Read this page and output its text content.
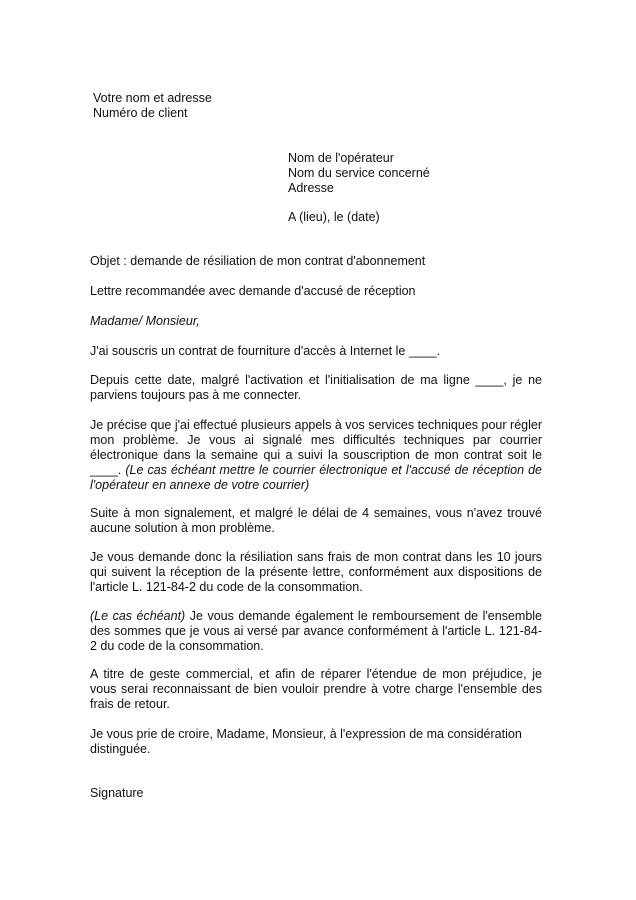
Votre nom et adresse
Numéro de client
Nom de l'opérateur
Nom du service concerné
Adresse
A (lieu), le (date)
Objet : demande de résiliation de mon contrat d'abonnement
Lettre recommandée avec demande d'accusé de réception
Madame/ Monsieur,
J'ai souscris un contrat de fourniture d'accès à Internet le ____.
Depuis cette date, malgré l'activation et l'initialisation de ma ligne ____, je ne parviens toujours pas à me connecter.
Je précise que j'ai effectué plusieurs appels à vos services techniques pour régler mon problème. Je vous ai signalé mes difficultés techniques par courrier électronique dans la semaine qui a suivi la souscription de mon contrat soit le ____. (Le cas échéant mettre le courrier électronique et l'accusé de réception de l'opérateur en annexe de votre courrier)
Suite à mon signalement, et malgré le délai de 4 semaines, vous n'avez trouvé aucune solution à mon problème.
Je vous demande donc la résiliation sans frais de mon contrat dans les 10 jours qui suivent la réception de la présente lettre, conformément aux dispositions de l'article L. 121-84-2 du code de la consommation.
(Le cas échéant) Je vous demande également le remboursement de l'ensemble des sommes que je vous ai versé par avance conformément à l'article L. 121-84-2 du code de la consommation.
A titre de geste commercial, et afin de réparer l'étendue de mon préjudice, je vous serai reconnaissant de bien vouloir prendre à votre charge l'ensemble des frais de retour.
Je vous prie de croire, Madame, Monsieur, à l'expression de ma considération distinguée.
Signature
